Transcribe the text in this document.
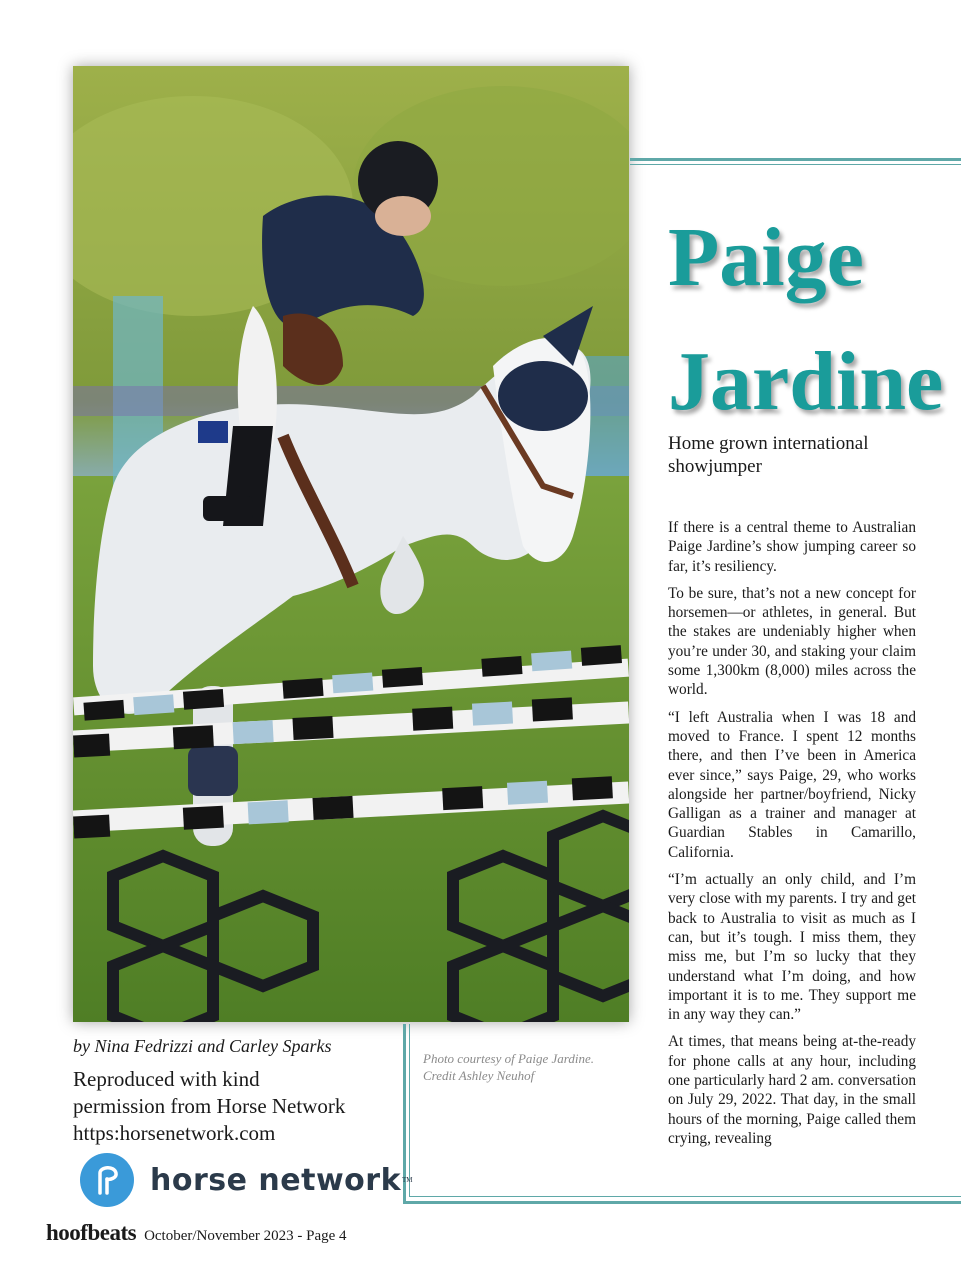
Paige
Jardine

Home grown international showjumper

If there is a central theme to Australian Paige Jardine’s show jumping career so far, it’s resiliency.

To be sure, that’s not a new concept for horsemen—or athletes, in general. But the stakes are undeniably higher when you’re under 30, and staking your claim some 1,300km (8,000) miles across the world.

“I left Australia when I was 18 and moved to France. I spent 12 months there, and then I’ve been in America ever since,” says Paige, 29, who works alongside her partner/boyfriend, Nicky Galligan as a trainer and manager at Guardian Stables in Camarillo, California.

“I’m actually an only child, and I’m very close with my parents. I try and get back to Australia to visit as much as I can, but it’s tough. I miss them, they miss me, but I’m so lucky that they understand what I’m doing, and how important it is to me. They support me in any way they can.”

At times, that means being at-the-ready for phone calls at any hour, including one particularly hard 2 am. conversation on July 29, 2022. That day, in the small hours of the morning, Paige called them crying, revealing

by Nina Fedrizzi and Carley Sparks

Reproduced with kind
permission from Horse Network
https:horsenetwork.com

Photo courtesy of Paige Jardine.
Credit Ashley Neuhof

horse network TM
hoofbeats October/November 2023 - Page 4
